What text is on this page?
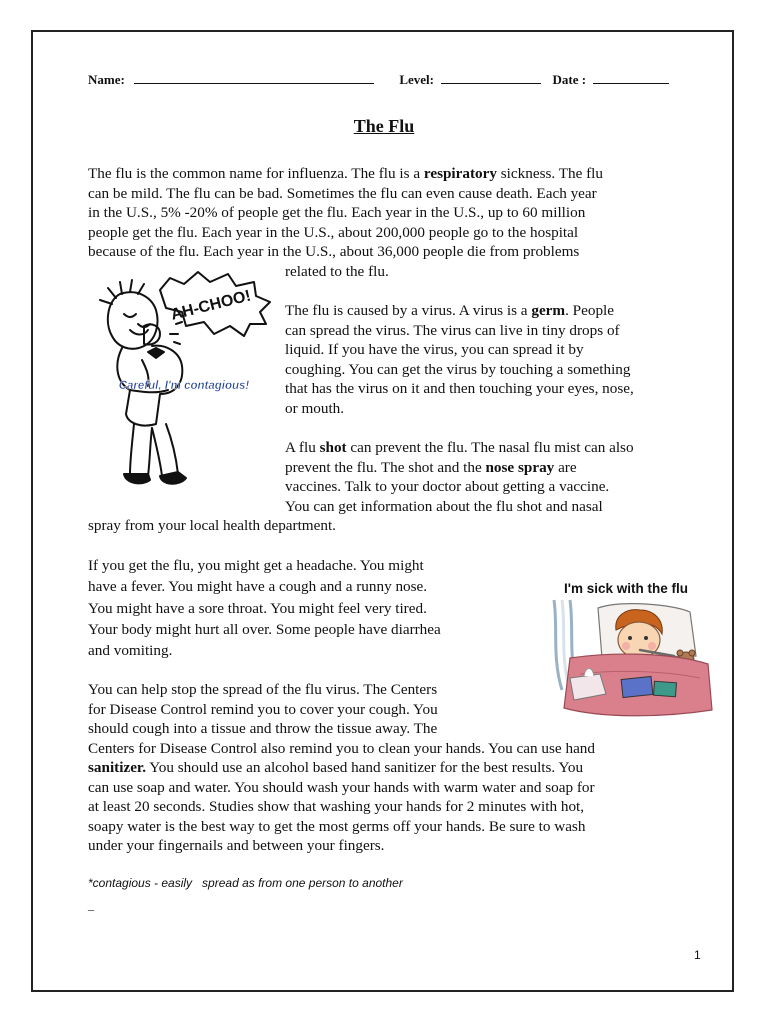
Name:	Level:	Date :
The Flu
The flu is the common name for influenza. The flu is a respiratory sickness. The flu
can be mild. The flu can be bad. Sometimes the flu can even cause death. Each year
in the U.S., 5% -20% of people get the flu. Each year in the U.S., up to 60 million
people get the flu. Each year in the U.S., about 200,000 people go to the hospital
because of the flu. Each year in the U.S., about 36,000 people die from problems
related to the flu.
The flu is caused by a virus. A virus is a germ. People
can spread the virus. The virus can live in tiny drops of
liquid. If you have the virus, you can spread it by
coughing. You can get the virus by touching a something
that has the virus on it and then touching your eyes, nose,
or mouth.
A flu shot can prevent the flu. The nasal flu mist can also
prevent the flu. The shot and the nose spray are
vaccines. Talk to your doctor about getting a vaccine.
You can get information about the flu shot and nasal
spray from your local health department.
If you get the flu, you might get a headache. You might
have a fever. You might have a cough and a runny nose.
You might have a sore throat. You might feel very tired.
Your body might hurt all over. Some people have diarrhea
and vomiting.
You can help stop the spread of the flu virus. The Centers
for Disease Control remind you to cover your cough. You
should cough into a tissue and throw the tissue away. The
Centers for Disease Control also remind you to clean your hands. You can use hand
sanitizer. You should use an alcohol based hand sanitizer for the best results. You
can use soap and water. You should wash your hands with warm water and soap for
at least 20 seconds. Studies show that washing your hands for 2 minutes with hot,
soapy water is the best way to get the most germs off your hands. Be sure to wash
under your fingernails and between your fingers.
*contagious - easily   spread as from one person to another
_
1
AH-CHOO!
Careful, I'm contagious!
I'm sick with the flu
